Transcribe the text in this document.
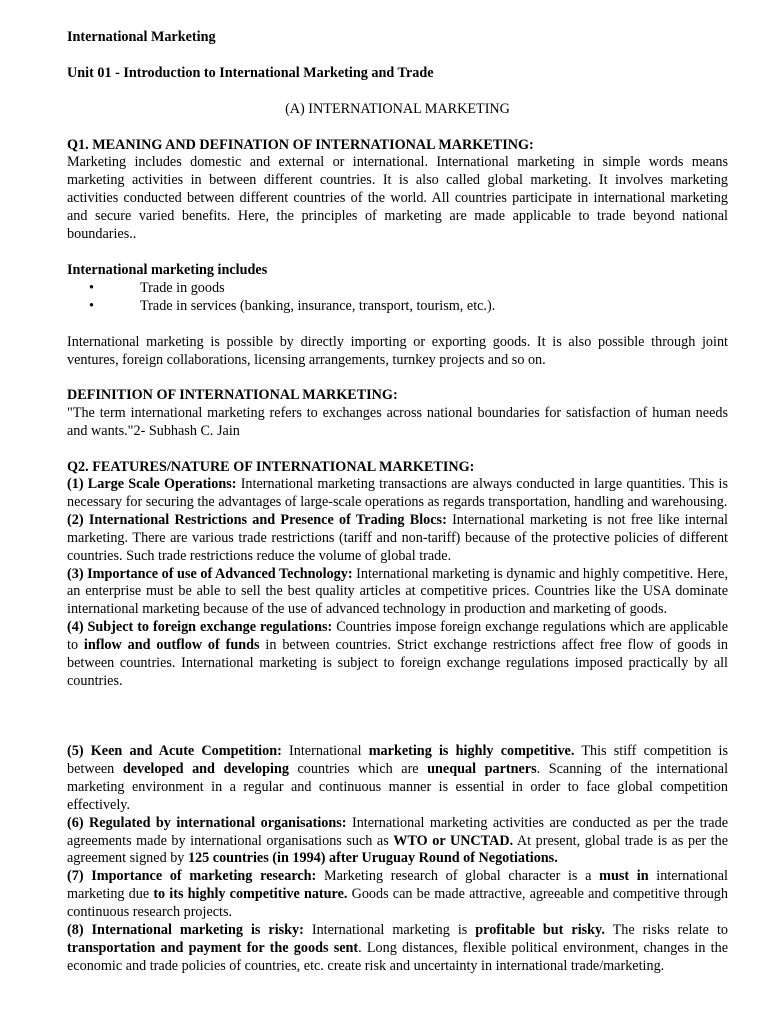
International Marketing
Unit 01 - Introduction to International Marketing and Trade
(A) INTERNATIONAL MARKETING
Q1. MEANING AND DEFINATION OF INTERNATIONAL MARKETING:
Marketing includes domestic and external or international. International marketing in simple words means marketing activities in between different countries. It is also called global marketing. It involves marketing activities conducted between different countries of the world. All countries participate in international marketing and secure varied benefits. Here, the principles of marketing are made applicable to trade beyond national boundaries..
International marketing includes
• Trade in goods
• Trade in services (banking, insurance, transport, tourism, etc.).
International marketing is possible by directly importing or exporting goods. It is also possible through joint ventures, foreign collaborations, licensing arrangements, turnkey projects and so on.
DEFINITION OF INTERNATIONAL MARKETING:
"The term international marketing refers to exchanges across national boundaries for satisfaction of human needs and wants."2- Subhash C. Jain
Q2. FEATURES/NATURE OF INTERNATIONAL MARKETING:

(1) Large Scale Operations: International marketing transactions are always conducted in large quantities. This is necessary for securing the advantages of large-scale operations as regards transportation, handling and warehousing.

(2) International Restrictions and Presence of Trading Blocs: International marketing is not free like internal marketing. There are various trade restrictions (tariff and non-tariff) because of the protective policies of different countries. Such trade restrictions reduce the volume of global trade.

(3) Importance of use of Advanced Technology: International marketing is dynamic and highly competitive. Here, an enterprise must be able to sell the best quality articles at competitive prices. Countries like the USA dominate international marketing because of the use of advanced technology in production and marketing of goods.

(4) Subject to foreign exchange regulations: Countries impose foreign exchange regulations which are applicable to inflow and outflow of funds in between countries. Strict exchange restrictions affect free flow of goods in between countries. International marketing is subject to foreign exchange regulations imposed practically by all countries.

(5) Keen and Acute Competition: International marketing is highly competitive. This stiff competition is between developed and developing countries which are unequal partners. Scanning of the international marketing environment in a regular and continuous manner is essential in order to face global competition effectively.

(6) Regulated by international organisations: International marketing activities are conducted as per the trade agreements made by international organisations such as WTO or UNCTAD. At present, global trade is as per the agreement signed by 125 countries (in 1994) after Uruguay Round of Negotiations.

(7) Importance of marketing research: Marketing research of global character is a must in international marketing due to its highly competitive nature. Goods can be made attractive, agreeable and competitive through continuous research projects.

(8) International marketing is risky: International marketing is profitable but risky. The risks relate to transportation and payment for the goods sent. Long distances, flexible political environment, changes in the economic and trade policies of countries, etc. create risk and uncertainty in international trade/marketing.
